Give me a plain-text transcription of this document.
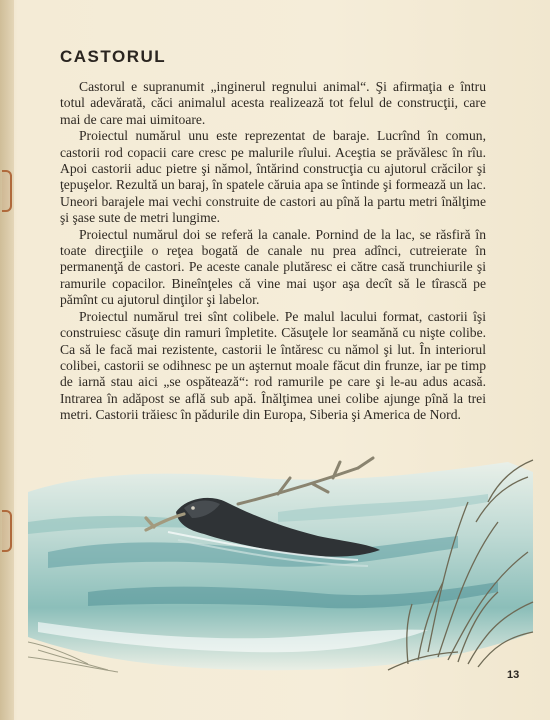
CASTORUL

Castorul e supranumit „inginerul regnului animal“. Şi afirmaţia e întru totul adevărată, căci animalul acesta realizează tot felul de construcţii, care mai de care mai uimitoare.

Proiectul numărul unu este reprezentat de baraje. Lucrînd în comun, castorii rod copacii care cresc pe malurile rîului. Aceştia se prăvălesc în rîu. Apoi castorii aduc pietre şi nămol, întărind construcţia cu ajutorul crăcilor şi ţepuşelor. Rezultă un baraj, în spatele căruia apa se întinde şi formează un lac. Uneori barajele mai vechi construite de castori au pînă la partu metri înălţime şi şase sute de metri lungime.

Proiectul numărul doi se referă la canale. Pornind de la lac, se răsfiră în toate direcţiile o reţea bogată de canale nu prea adînci, cutreierate în permanenţă de castori. Pe aceste canale plutăresc ei către casă trunchiurile şi ramurile copacilor. Bineînţeles că vine mai uşor aşa decît să le tîrască pe pămînt cu ajutorul dinţilor şi labelor.

Proiectul numărul trei sînt colibele. Pe malul lacului format, castorii îşi construiesc căsuţe din ramuri împletite. Căsuţele lor seamănă cu nişte colibe. Ca să le facă mai rezistente, castorii le întăresc cu nămol şi lut. În interiorul colibei, castorii se odihnesc pe un aşternut moale făcut din frunze, iar pe timp de iarnă stau aici „se ospătează“: rod ramurile pe care şi le-au adus acasă. Intrarea în adăpost se află sub apă. Înălţimea unei colibe ajunge pînă la trei metri. Castorii trăiesc în pădurile din Europa, Siberia şi America de Nord.

13
